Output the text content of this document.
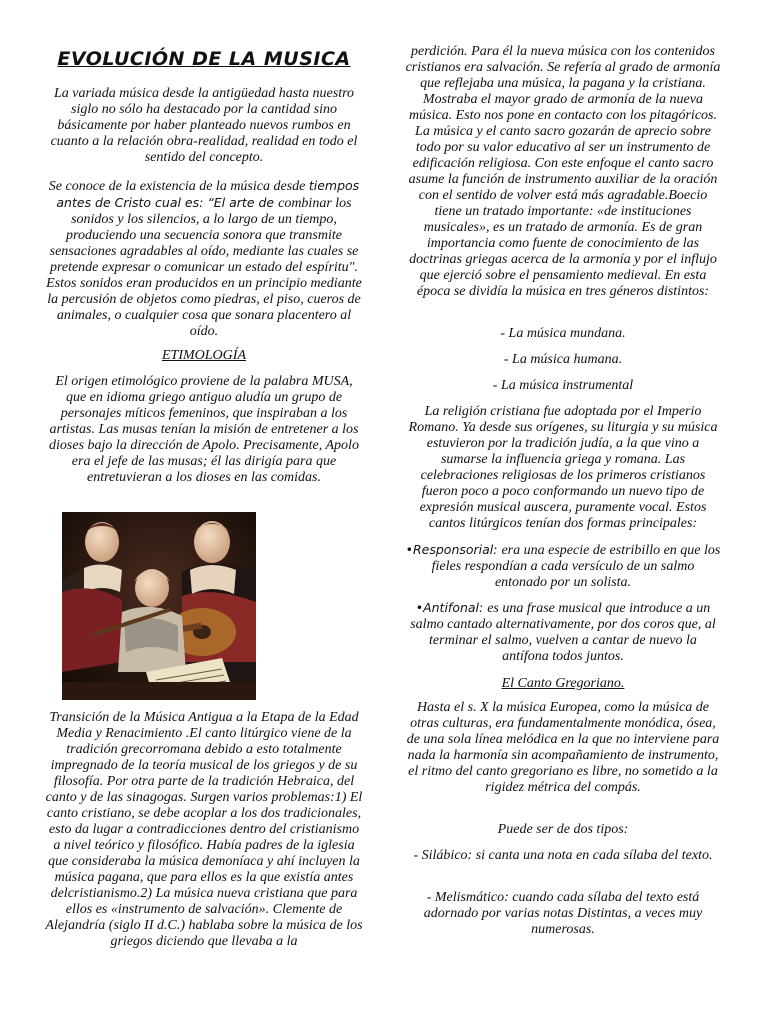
EVOLUCIÓN DE LA MUSICA

La variada música desde la antigüedad hasta nuestro siglo no sólo ha destacado por la cantidad sino básicamente por haber planteado nuevos rumbos en cuanto a la relación obra-realidad, realidad en todo el sentido del concepto.

Se conoce de la existencia de la música desde tiempos antes de Cristo cual es: “El arte de combinar los sonidos y los silencios, a lo largo de un tiempo, produciendo una secuencia sonora que transmite sensaciones agradables al oído, mediante las cuales se pretende expresar o comunicar un estado del espíritu". Estos sonidos eran producidos en un principio mediante la percusión de objetos como piedras, el piso, cueros de animales, o cualquier cosa que sonara placentero al oído.

ETIMOLOGÍA

El origen etimológico proviene de la palabra MUSA, que en idioma griego antiguo aludía un grupo de personajes míticos femeninos, que inspiraban a los artistas. Las musas tenían la misión de entretener a los dioses bajo la dirección de Apolo. Precisamente, Apolo era el jefe de las musas; él las dirigía para que entretuvieran a los dioses en las comidas.

Transición de la Música Antigua a la Etapa de la Edad Media y Renacimiento .El canto litúrgico viene de la tradición grecorromana debido a esto totalmente impregnado de la teoría musical de los griegos y de su filosofía. Por otra parte de la tradición Hebraica, del canto y de las sinagogas. Surgen varios problemas:1) El canto cristiano, se debe acoplar a los dos tradicionales, esto da lugar a contradicciones dentro del cristianismo a nivel teórico y filosófico. Había padres de la iglesia que consideraba la música demoníaca y ahí incluyen la música pagana, que para ellos es la que existía antes delcristianismo.2) La música nueva cristiana que para ellos es «instrumento de salvación». Clemente de Alejandría (siglo II d.C.) hablaba sobre la música de los griegos diciendo que llevaba a la

perdición. Para él la nueva música con los contenidos cristianos era salvación. Se refería al grado de armonía que reflejaba una música, la pagana y la cristiana. Mostraba el mayor grado de armonía de la nueva música. Esto nos pone en contacto con los pitagóricos. La música y el canto sacro gozarán de aprecio sobre todo por su valor educativo al ser un instrumento de edificación religiosa. Con este enfoque el canto sacro asume la función de instrumento auxiliar de la oración con el sentido de volver está más agradable.Boecio tiene un tratado importante: «de instituciones musicales», es un tratado de armonía. Es de gran importancia como fuente de conocimiento de las doctrinas griegas acerca de la armonía y por el influjo que ejerció sobre el pensamiento medieval. En esta época se dividía la música en tres géneros distintos:

- La música mundana.

- La música humana.

- La música instrumental

La religión cristiana fue adoptada por el Imperio Romano. Ya desde sus orígenes, su liturgia y su música estuvieron por la tradición judía, a la que vino a sumarse la influencia griega y romana. Las celebraciones religiosas de los primeros cristianos fueron poco a poco conformando un nuevo tipo de expresión musical auscera, puramente vocal. Estos cantos litúrgicos tenían dos formas principales:

•Responsorial: era una especie de estribillo en que los fieles respondían a cada versículo de un salmo entonado por un solista.

•Antifonal: es una frase musical que introduce a un salmo cantado alternativamente, por dos coros que, al terminar el salmo, vuelven a cantar de nuevo la antífona todos juntos.

El Canto Gregoriano.

Hasta el s. X la música Europea, como la música de otras culturas, era fundamentalmente monódica, ósea, de una sola línea melódica en la que no interviene para nada la harmonía sin acompañamiento de instrumento, el ritmo del canto gregoriano es libre, no sometido a la rigidez métrica del compás.

Puede ser de dos tipos:

- Silábico: si canta una nota en cada sílaba del texto.

- Melismático: cuando cada sílaba del texto está adornado por varias notas Distintas, a veces muy numerosas.
